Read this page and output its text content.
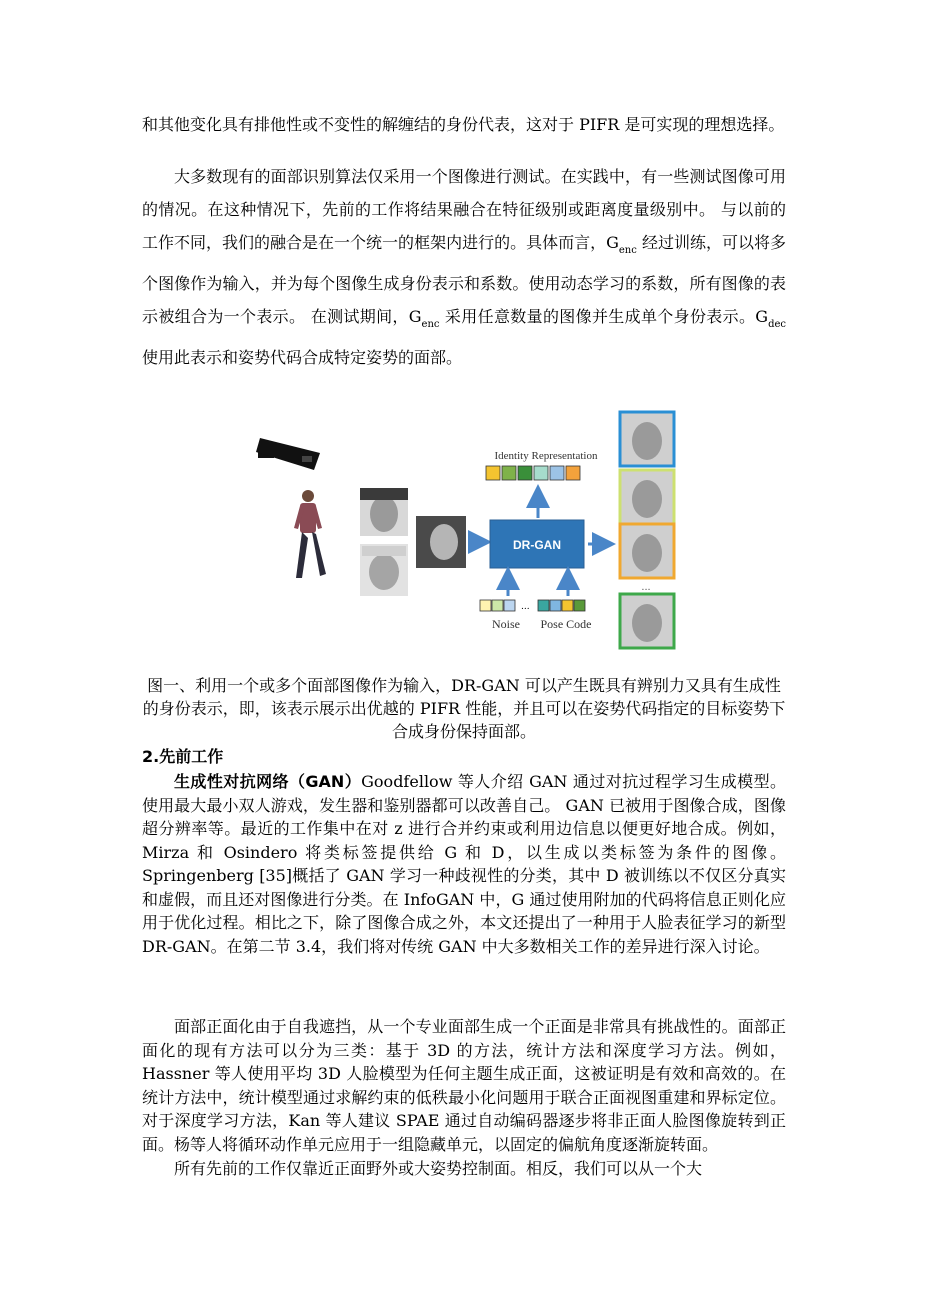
和其他变化具有排他性或不变性的解缠结的身份代表，这对于 PIFR 是可实现的理想选择。

大多数现有的面部识别算法仅采用一个图像进行测试。在实践中，有一些测试图像可用的情况。在这种情况下，先前的工作将结果融合在特征级别或距离度量级别中。 与以前的工作不同，我们的融合是在一个统一的框架内进行的。具体而言，$G_{enc}$ 经过训练，可以将多个图像作为输入，并为每个图像生成身份表示和系数。使用动态学习的系数，所有图像的表示被组合为一个表示。 在测试期间，$G_{enc}$ 采用任意数量的图像并生成单个身份表示。$G_{dec}$ 使用此表示和姿势代码合成特定姿势的面部。

DR-GAN
Identity Representation
...
Noise Pose Code
...

图一、利用一个或多个面部图像作为输入，DR-GAN 可以产生既具有辨别力又具有生成性的身份表示，即，该表示展示出优越的 PIFR 性能，并且可以在姿势代码指定的目标姿势下合成身份保持面部。

2.先前工作

生成性对抗网络（GAN）Goodfellow 等人介绍 GAN 通过对抗过程学习生成模型。使用最大最小双人游戏，发生器和鉴别器都可以改善自己。 GAN 已被用于图像合成，图像超分辨率等。最近的工作集中在对 z 进行合并约束或利用边信息以便更好地合成。例如，Mirza 和 Osindero 将类标签提供给 G 和 D，以生成以类标签为条件的图像。Springenberg [35]概括了 GAN 学习一种歧视性的分类，其中 D 被训练以不仅区分真实和虚假，而且还对图像进行分类。在 InfoGAN 中，G 通过使用附加的代码将信息正则化应用于优化过程。相比之下，除了图像合成之外，本文还提出了一种用于人脸表征学习的新型 DR-GAN。在第二节 3.4，我们将对传统 GAN 中大多数相关工作的差异进行深入讨论。

面部正面化由于自我遮挡，从一个专业面部生成一个正面是非常具有挑战性的。面部正面化的现有方法可以分为三类：基于 3D 的方法，统计方法和深度学习方法。例如，Hassner 等人使用平均 3D 人脸模型为任何主题生成正面，这被证明是有效和高效的。在统计方法中，统计模型通过求解约束的低秩最小化问题用于联合正面视图重建和界标定位。对于深度学习方法，Kan 等人建议 SPAE 通过自动编码器逐步将非正面人脸图像旋转到正面。杨等人将循环动作单元应用于一组隐藏单元，以固定的偏航角度逐渐旋转面。

所有先前的工作仅靠近正面野外或大姿势控制面。相反，我们可以从一个大
